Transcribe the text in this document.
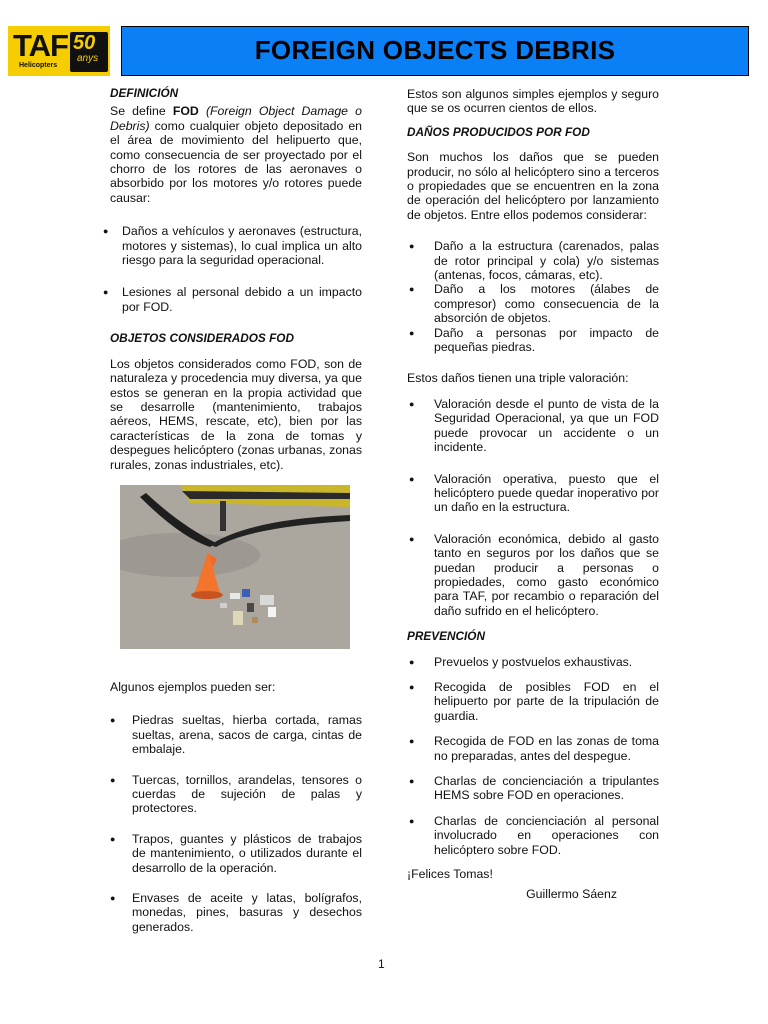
TAF
Helicopters
50
anys	FOREIGN OBJECTS DEBRIS
DEFINICIÓN

Se define FOD (Foreign Object Damage o Debris) como cualquier objeto depositado en el área de movimiento del helipuerto que, como consecuencia de ser proyectado por el chorro de los rotores de las aeronaves o absorbido por los motores y/o rotores puede causar:

● Daños a vehículos y aeronaves (estructura, motores y sistemas), lo cual implica un alto riesgo para la seguridad operacional.
● Lesiones al personal debido a un impacto por FOD.
OBJETOS CONSIDERADOS FOD

Los objetos considerados como FOD, son de naturaleza y procedencia muy diversa, ya que estos se generan en la propia actividad que se desarrolle (mantenimiento, trabajos aéreos, HEMS, rescate, etc), bien por las características de la zona de tomas y despegues helicóptero (zonas urbanas, zonas rurales, zonas industriales, etc).

Algunos ejemplos pueden ser:

● Piedras sueltas, hierba cortada, ramas sueltas, arena, sacos de carga, cintas de embalaje.
● Tuercas, tornillos, arandelas, tensores o cuerdas de sujeción de palas y protectores.
● Trapos, guantes y plásticos de trabajos de mantenimiento, o utilizados durante el desarrollo de la operación.
● Envases de aceite y latas, bolígrafos, monedas, pines, basuras y desechos generados.

Estos son algunos simples ejemplos y seguro que se os ocurren cientos de ellos.

DAÑOS PRODUCIDOS POR FOD

Son muchos los daños que se pueden producir, no sólo al helicóptero sino a terceros o propiedades que se encuentren en la zona de operación del helicóptero por lanzamiento de objetos. Entre ellos podemos considerar:

● Daño a la estructura (carenados, palas de rotor principal y cola) y/o sistemas (antenas, focos, cámaras, etc).
● Daño a los motores (álabes de compresor) como consecuencia de la absorción de objetos.
● Daño a personas por impacto de pequeñas piedras.

Estos daños tienen una triple valoración:

● Valoración desde el punto de vista de la Seguridad Operacional, ya que un FOD puede provocar un accidente o un incidente.
● Valoración operativa, puesto que el helicóptero puede quedar inoperativo por un daño en la estructura.
● Valoración económica, debido al gasto tanto en seguros por los daños que se puedan producir a personas o propiedades, como gasto económico para TAF, por recambio o reparación del daño sufrido en el helicóptero.
PREVENCIÓN
● Prevuelos y postvuelos exhaustivas.
● Recogida de posibles FOD en el helipuerto por parte de la tripulación de guardia.
● Recogida de FOD en las zonas de toma no preparadas, antes del despegue.
● Charlas de concienciación a tripulantes HEMS sobre FOD en operaciones.
● Charlas de concienciación al personal involucrado en operaciones con helicóptero sobre FOD.

¡Felices Tomas!

Guillermo Sáenz

1
